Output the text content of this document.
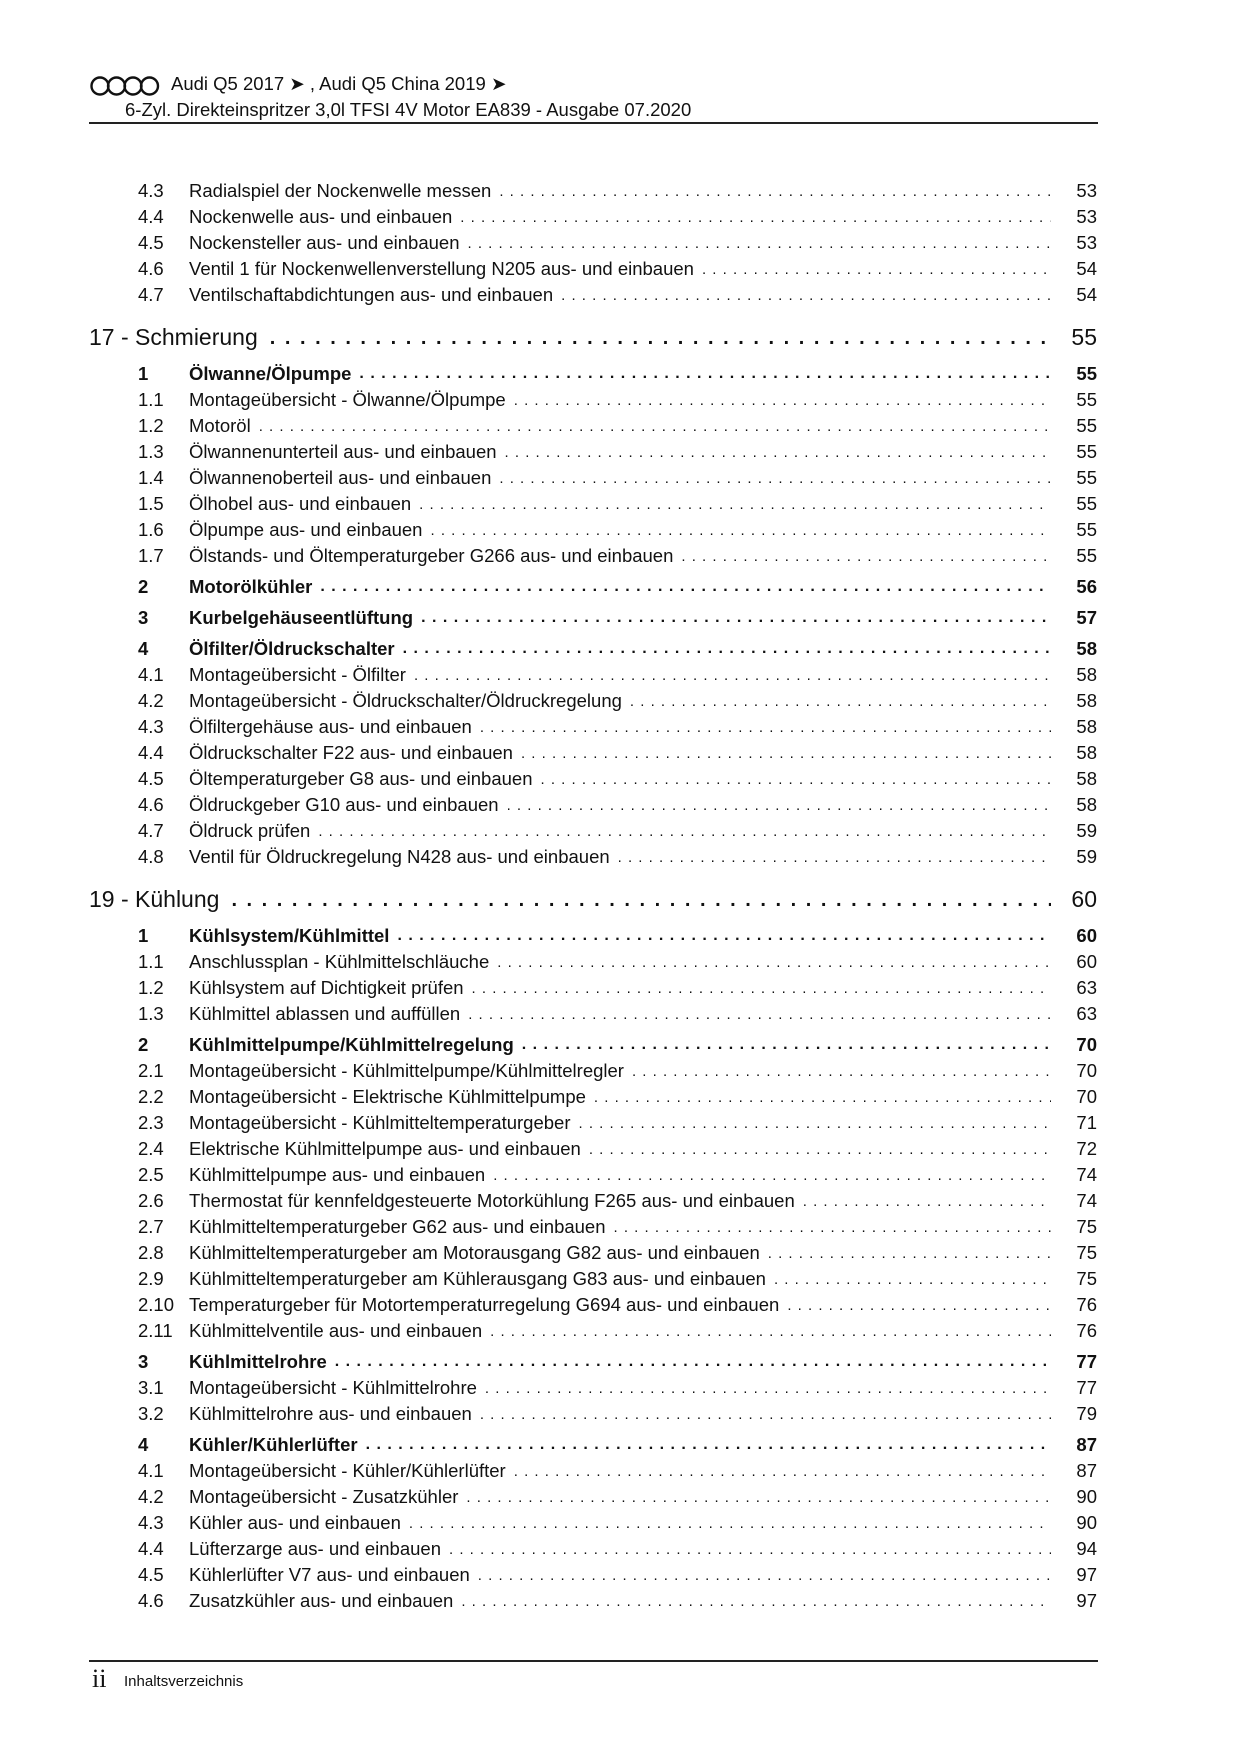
Audi Q5 2017 ➤ , Audi Q5 China 2019 ➤
6-Zyl. Direkteinspritzer 3,0l TFSI 4V Motor EA839 - Ausgabe 07.2020
4.3	Radialspiel der Nockenwelle messen . . .	53
4.4	Nockenwelle aus- und einbauen . . .	53
4.5	Nockensteller aus- und einbauen . . .	53
4.6	Ventil 1 für Nockenwellenverstellung N205 aus- und einbauen . . .	54
4.7	Ventilschaftabdichtungen aus- und einbauen . . .	54
17 - Schmierung . . .	55
1	Ölwanne/Ölpumpe . . .	55
1.1	Montageübersicht - Ölwanne/Ölpumpe . . .	55
1.2	Motoröl . . .	55
1.3	Ölwannenunterteil aus- und einbauen . . .	55
1.4	Ölwannenoberteil aus- und einbauen . . .	55
1.5	Ölhobel aus- und einbauen . . .	55
1.6	Ölpumpe aus- und einbauen . . .	55
1.7	Ölstands- und Öltemperaturgeber G266 aus- und einbauen . . .	55
2	Motorölkühler . . .	56
3	Kurbelgehäuseentlüftung . . .	57
4	Ölfilter/Öldruckschalter . . .	58
4.1	Montageübersicht - Ölfilter . . .	58
4.2	Montageübersicht - Öldruckschalter/Öldruckregelung . . .	58
4.3	Ölfiltergehäuse aus- und einbauen . . .	58
4.4	Öldruckschalter F22 aus- und einbauen . . .	58
4.5	Öltemperaturgeber G8 aus- und einbauen . . .	58
4.6	Öldruckgeber G10 aus- und einbauen . . .	58
4.7	Öldruck prüfen . . .	59
4.8	Ventil für Öldruckregelung N428 aus- und einbauen . . .	59
19 - Kühlung . . .	60
1	Kühlsystem/Kühlmittel . . .	60
1.1	Anschlussplan - Kühlmittelschläuche . . .	60
1.2	Kühlsystem auf Dichtigkeit prüfen . . .	63
1.3	Kühlmittel ablassen und auffüllen . . .	63
2	Kühlmittelpumpe/Kühlmittelregelung . . .	70
2.1	Montageübersicht - Kühlmittelpumpe/Kühlmittelregler . . .	70
2.2	Montageübersicht - Elektrische Kühlmittelpumpe . . .	70
2.3	Montageübersicht - Kühlmitteltemperaturgeber . . .	71
2.4	Elektrische Kühlmittelpumpe aus- und einbauen . . .	72
2.5	Kühlmittelpumpe aus- und einbauen . . .	74
2.6	Thermostat für kennfeldgesteuerte Motorkühlung F265 aus- und einbauen . . .	74
2.7	Kühlmitteltemperaturgeber G62 aus- und einbauen . . .	75
2.8	Kühlmitteltemperaturgeber am Motorausgang G82 aus- und einbauen . . .	75
2.9	Kühlmitteltemperaturgeber am Kühlerausgang G83 aus- und einbauen . . .	75
2.10 Temperaturgeber für Motortemperaturregelung G694 aus- und einbauen . . .	76
2.11 Kühlmittelventile aus- und einbauen . . .	76
3	Kühlmittelrohre . . .	77
3.1	Montageübersicht - Kühlmittelrohre . . .	77
3.2	Kühlmittelrohre aus- und einbauen . . .	79
4	Kühler/Kühlerlüfter . . .	87
4.1	Montageübersicht - Kühler/Kühlerlüfter . . .	87
4.2	Montageübersicht - Zusatzkühler . . .	90
4.3	Kühler aus- und einbauen . . .	90
4.4	Lüfterzarge aus- und einbauen . . .	94
4.5	Kühlerlüfter V7 aus- und einbauen . . .	97
4.6	Zusatzkühler aus- und einbauen . . .	97
ii Inhaltsverzeichnis
